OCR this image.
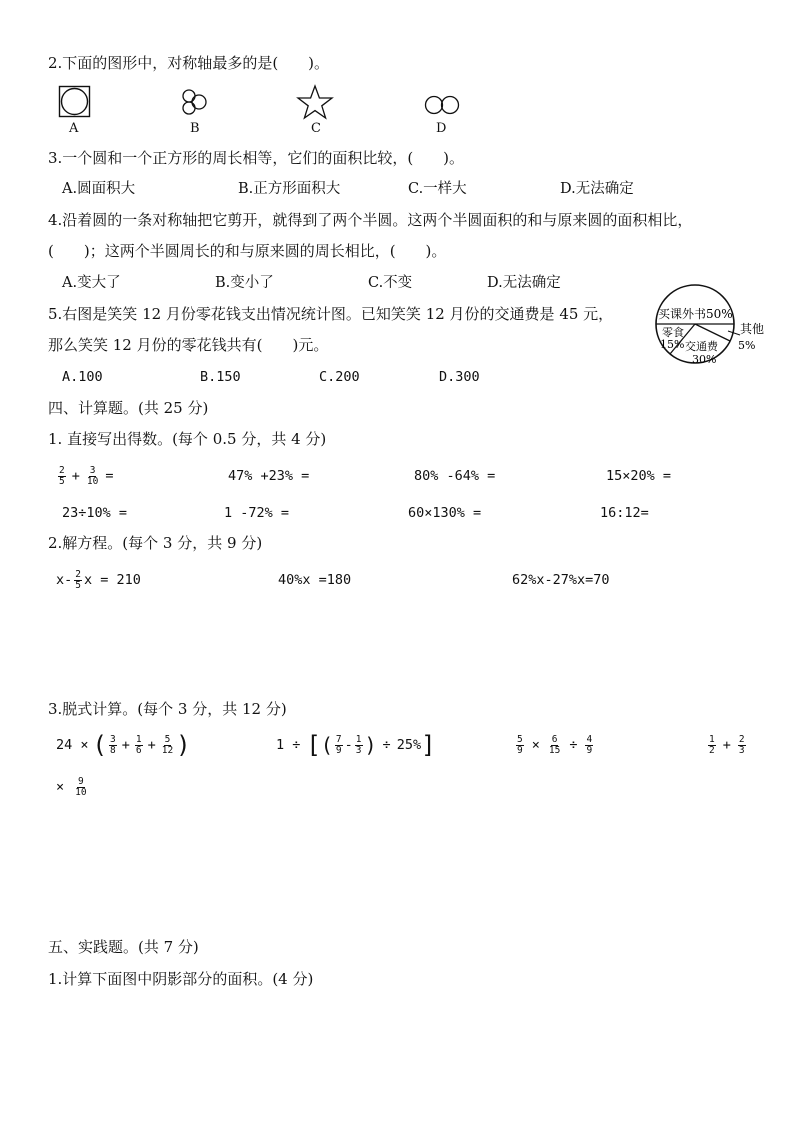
2.下面的图形中，对称轴最多的是(　　)。
A	B	C	D
3.一个圆和一个正方形的周长相等，它们的面积比较，(　　)。
A.圆面积大	B.正方形面积大	C.一样大	D.无法确定
4.沿着圆的一条对称轴把它剪开，就得到了两个半圆。这两个半圆面积的和与原来圆的面积相比，
(　　)；这两个半圆周长的和与原来圆的周长相比，(　　)。
A.变大了	B.变小了	C.不变	D.无法确定
5.右图是笑笑 12 月份零花钱支出情况统计图。已知笑笑 12 月份的交通费是 45 元，
那么笑笑 12 月份的零花钱共有(　　)元。
A.100	B.150	C.200	D.300
买课外书50%
零食
15% 交通费
30%
其他
5%
四、计算题。(共 25 分)
1. 直接写出得数。(每个 0.5 分，共 4 分)
$\frac{2}{5} + \frac{3}{10}$ =	47% +23% =	80% -64% =	15×20% =
23÷10% =	1 -72% =	60×130% =	16:12=
2.解方程。(每个 3 分，共 9 分)
$x- \frac{2}{5}$ x = 210	40%x =180	62%x-27%x=70
3.脱式计算。(每个 3 分，共 12 分)
24 × ( $\frac{3}{8} + \frac{1}{6} + \frac{5}{12}$ )	1 ÷ [ ( $\frac{7}{9} - \frac{1}{3}$ ) ÷ 25% ]	$\frac{5}{9} \times \frac{6}{15} \div \frac{4}{9}$	$\frac{1}{2} + \frac{2}{3}$
× $\frac{9}{10}$
五、实践题。(共 7 分)
1.计算下面图中阴影部分的面积。(4 分)
